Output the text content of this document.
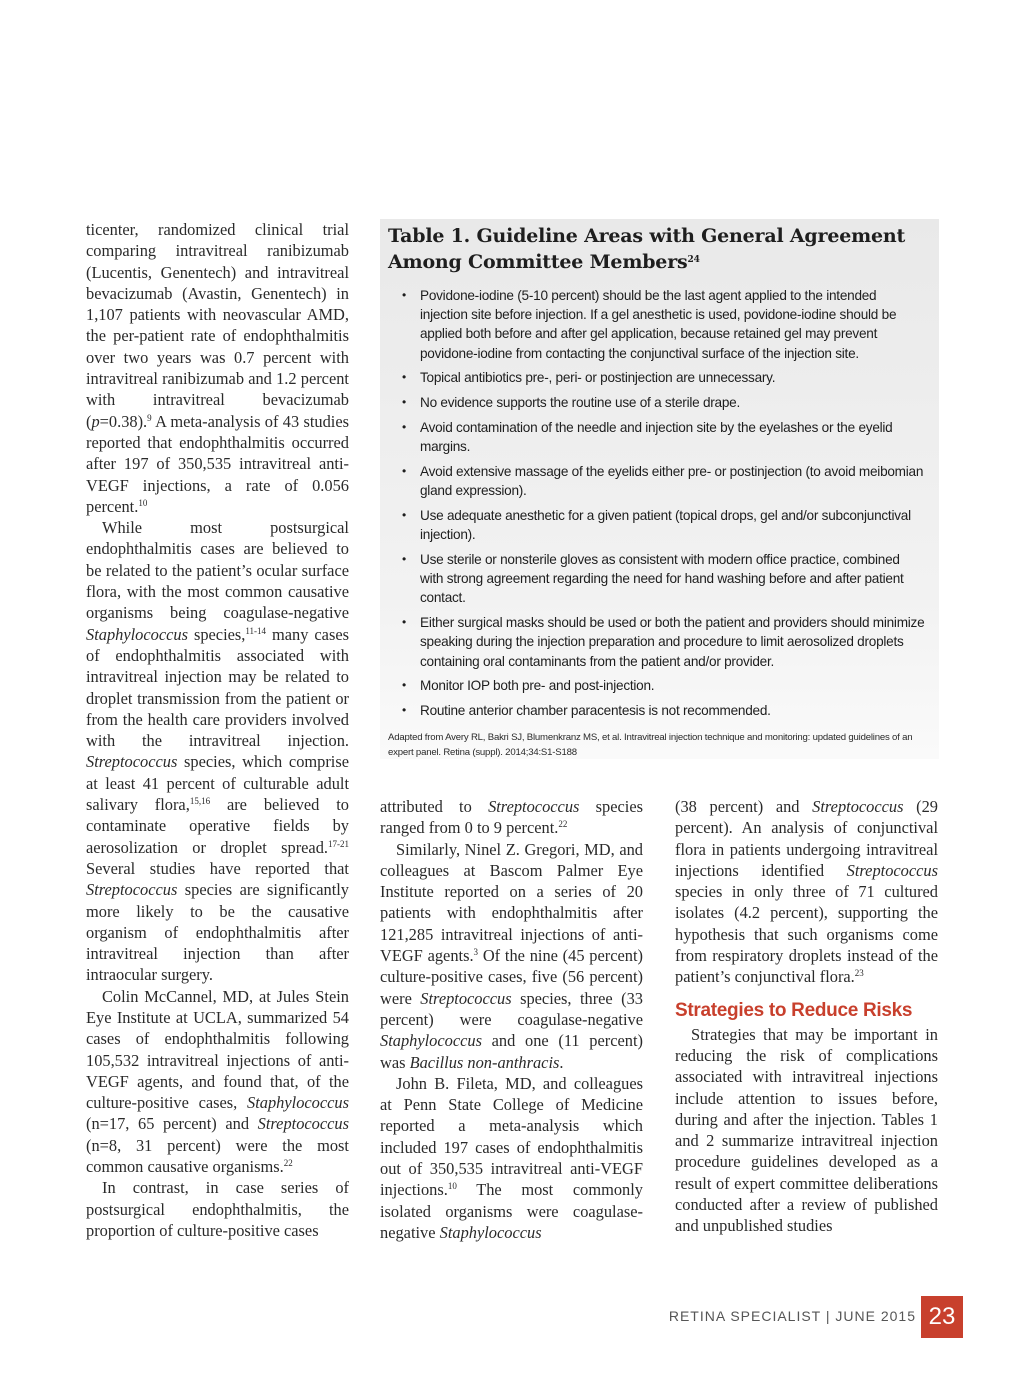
ticenter, randomized clinical trial comparing intravitreal ranibizumab (Lucentis, Genentech) and intravitreal bevacizumab (Avastin, Genentech) in 1,107 patients with neovascular AMD, the per-patient rate of endophthalmitis over two years was 0.7 percent with intravitreal ranibizumab and 1.2 percent with intravitreal bevacizumab (p=0.38).$^9$ A meta-analysis of 43 studies reported that endophthalmitis occurred after 197 of 350,535 intravitreal anti-VEGF injections, a rate of 0.056 percent.$^{10}$

While most postsurgical endophthalmitis cases are believed to be related to the patient’s ocular surface flora, with the most common causative organisms being coagulase-negative Staphylococcus species,$^{11-14}$ many cases of endophthalmitis associated with intravitreal injection may be related to droplet transmission from the patient or from the health care providers involved with the intravitreal injection. Streptococcus species, which comprise at least 41 percent of culturable adult salivary flora,$^{15,16}$ are believed to contaminate operative fields by aerosolization or droplet spread.$^{17-21}$ Several studies have reported that Streptococcus species are significantly more likely to be the causative organism of endophthalmitis after intravitreal injection than after intraocular surgery.

Colin McCannel, MD, at Jules Stein Eye Institute at UCLA, summarized 54 cases of endophthalmitis following 105,532 intravitreal injections of anti-VEGF agents, and found that, of the culture-positive cases, Staphylococcus (n=17, 65 percent) and Streptococcus (n=8, 31 percent) were the most common causative organisms.$^{22}$

In contrast, in case series of postsurgical endophthalmitis, the proportion of culture-positive cases

Table 1. Guideline Areas with General Agreement Among Committee Members$^{24}$
• Povidone-iodine (5-10 percent) should be the last agent applied to the intended injection site before injection. If a gel anesthetic is used, povidone-iodine should be applied both before and after gel application, because retained gel may prevent povidone-iodine from contacting the conjunctival surface of the injection site.
• Topical antibiotics pre-, peri- or postinjection are unnecessary.
• No evidence supports the routine use of a sterile drape.
• Avoid contamination of the needle and injection site by the eyelashes or the eyelid margins.
• Avoid extensive massage of the eyelids either pre- or postinjection (to avoid meibomian gland expression).
• Use adequate anesthetic for a given patient (topical drops, gel and/or subconjunctival injection).
• Use sterile or nonsterile gloves as consistent with modern office practice, combined with strong agreement regarding the need for hand washing before and after patient contact.
• Either surgical masks should be used or both the patient and providers should minimize speaking during the injection preparation and procedure to limit aerosolized droplets containing oral contaminants from the patient and/or provider.
• Monitor IOP both pre- and post-injection.
• Routine anterior chamber paracentesis is not recommended.
Adapted from Avery RL, Bakri SJ, Blumenkranz MS, et al. Intravitreal injection technique and monitoring: updated guidelines of an expert panel. Retina (suppl). 2014;34:S1-S188

attributed to Streptococcus species ranged from 0 to 9 percent.$^{22}$

Similarly, Ninel Z. Gregori, MD, and colleagues at Bascom Palmer Eye Institute reported on a series of 20 patients with endophthalmitis after 121,285 intravitreal injections of anti-VEGF agents.$^3$ Of the nine (45 percent) culture-positive cases, five (56 percent) were Streptococcus species, three (33 percent) were coagulase-negative Staphylococcus and one (11 percent) was Bacillus non-anthracis.

John B. Fileta, MD, and colleagues at Penn State College of Medicine reported a meta-analysis which included 197 cases of endophthalmitis out of 350,535 intravitreal anti-VEGF injections.$^{10}$ The most commonly isolated organisms were coagulase-negative Staphylococcus

(38 percent) and Streptococcus (29 percent). An analysis of conjunctival flora in patients undergoing intravitreal injections identified Streptococcus species in only three of 71 cultured isolates (4.2 percent), supporting the hypothesis that such organisms come from respiratory droplets instead of the patient’s conjunctival flora.$^{23}$

Strategies to Reduce Risks

Strategies that may be important in reducing the risk of complications associated with intravitreal injections include attention to issues before, during and after the injection. Tables 1 and 2 summarize intravitreal injection procedure guidelines developed as a result of expert committee deliberations conducted after a review of published and unpublished studies

RETINA SPECIALIST | JUNE 2015 23
